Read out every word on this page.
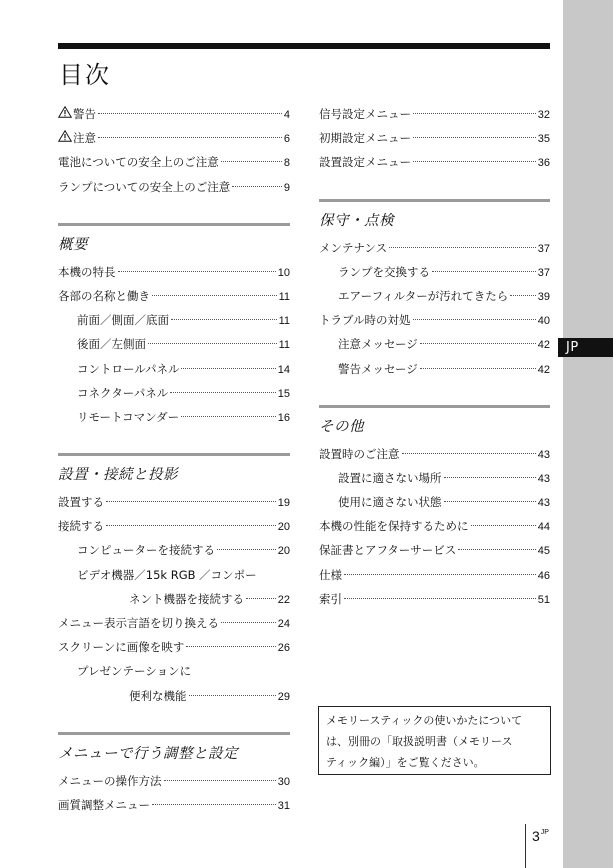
JP
目次
警告	4
注意	6
電池についての安全上のご注意	8
ランプについての安全上のご注意	9
概要
本機の特長	10
各部の名称と働き	11
前面／側面／底面	11
後面／左側面	11
コントロールパネル	14
コネクターパネル	15
リモートコマンダー	16
設置・接続と投影
設置する	19
接続する	20
コンピューターを接続する	20
ビデオ機器／15k RGB ／コンポー
ネント機器を接続する	22
メニュー表示言語を切り換える	24
スクリーンに画像を映す	26
プレゼンテーションに
便利な機能	29
メニューで行う調整と設定
メニューの操作方法	30
画質調整メニュー	31
信号設定メニュー	32
初期設定メニュー	35
設置設定メニュー	36
保守・点検
メンテナンス	37
ランプを交換する	37
エアーフィルターが汚れてきたら	39
トラブル時の対処	40
注意メッセージ	42
警告メッセージ	42
その他
設置時のご注意	43
設置に適さない場所	43
使用に適さない状態	43
本機の性能を保持するために	44
保証書とアフターサービス	45
仕様	46
索引	51
メモリースティックの使いかたについて
は、別冊の「取扱説明書（メモリース
ティック編）」をご覧ください。
$3^{JP}$
